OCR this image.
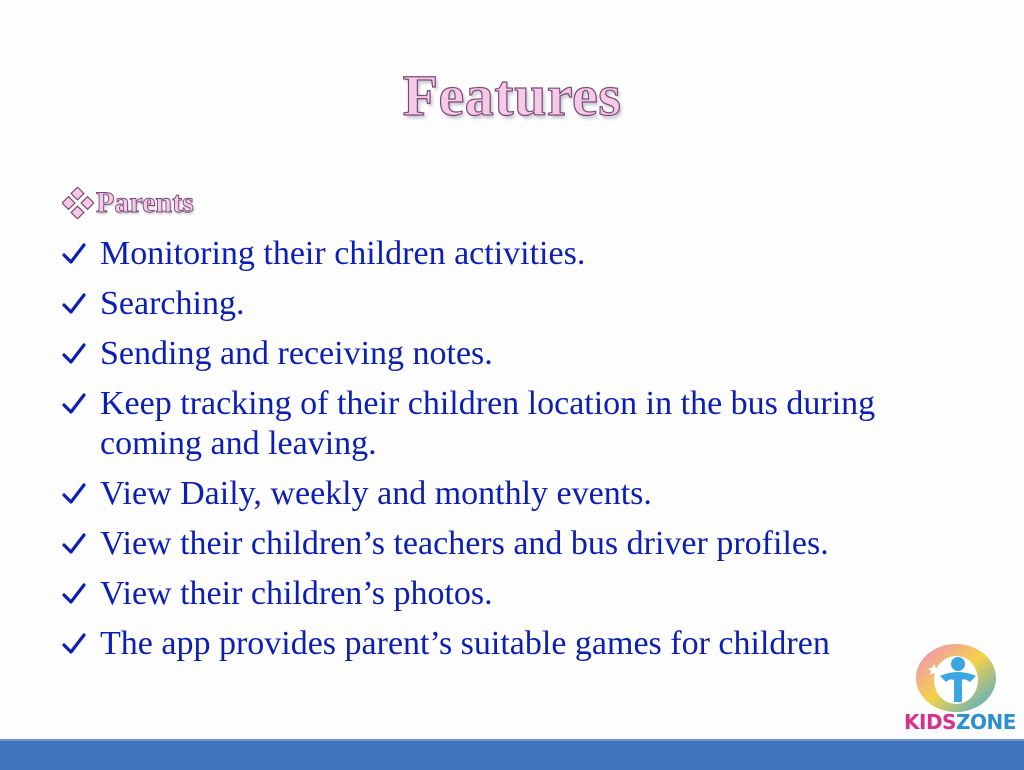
Features
Parents
Monitoring their children activities.
Searching.
Sending and receiving notes.
Keep tracking of their children location in the bus during coming and leaving.
View Daily, weekly and monthly events.
View their children’s teachers and bus driver profiles.
View their children’s photos.
The app provides parent’s suitable games for children
KIDSZONE
